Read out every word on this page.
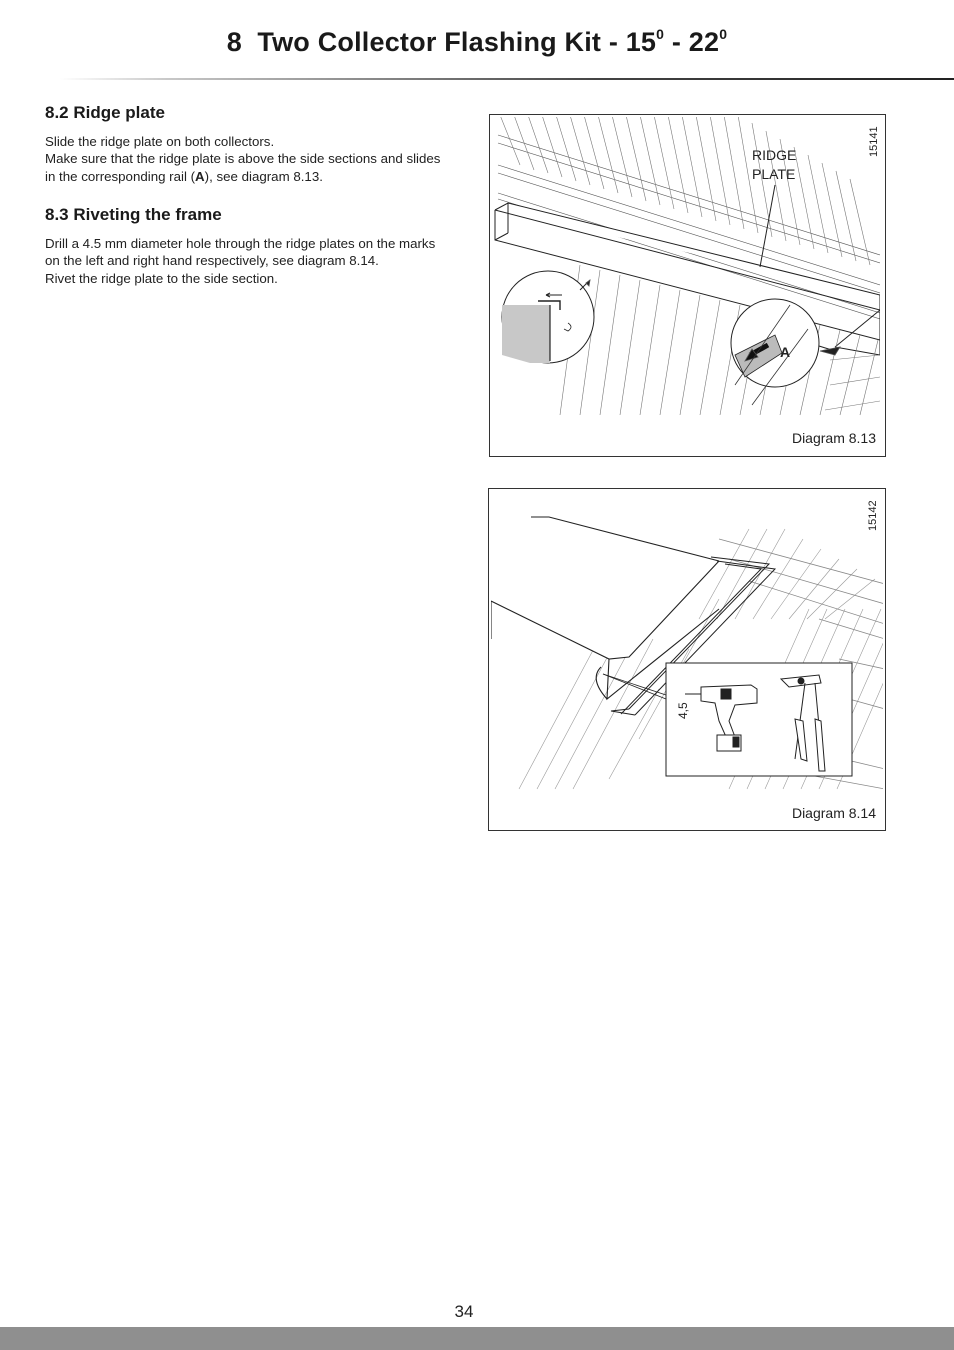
8 Two Collector Flashing Kit - $15^0 - 22^0$
8.2 Ridge plate

Slide the ridge plate on both collectors.

Make sure that the ridge plate is above the side sections and slides in the corresponding rail (A), see diagram 8.13.

8.3 Riveting the frame

Drill a 4.5 mm diameter hole through the ridge plates on the marks on the left and right hand respectively, see diagram 8.14.

Rivet the ridge plate to the side section.

RIDGE
PLATE
A
15141
Diagram 8.13
15142
4,5
Diagram 8.14
34
